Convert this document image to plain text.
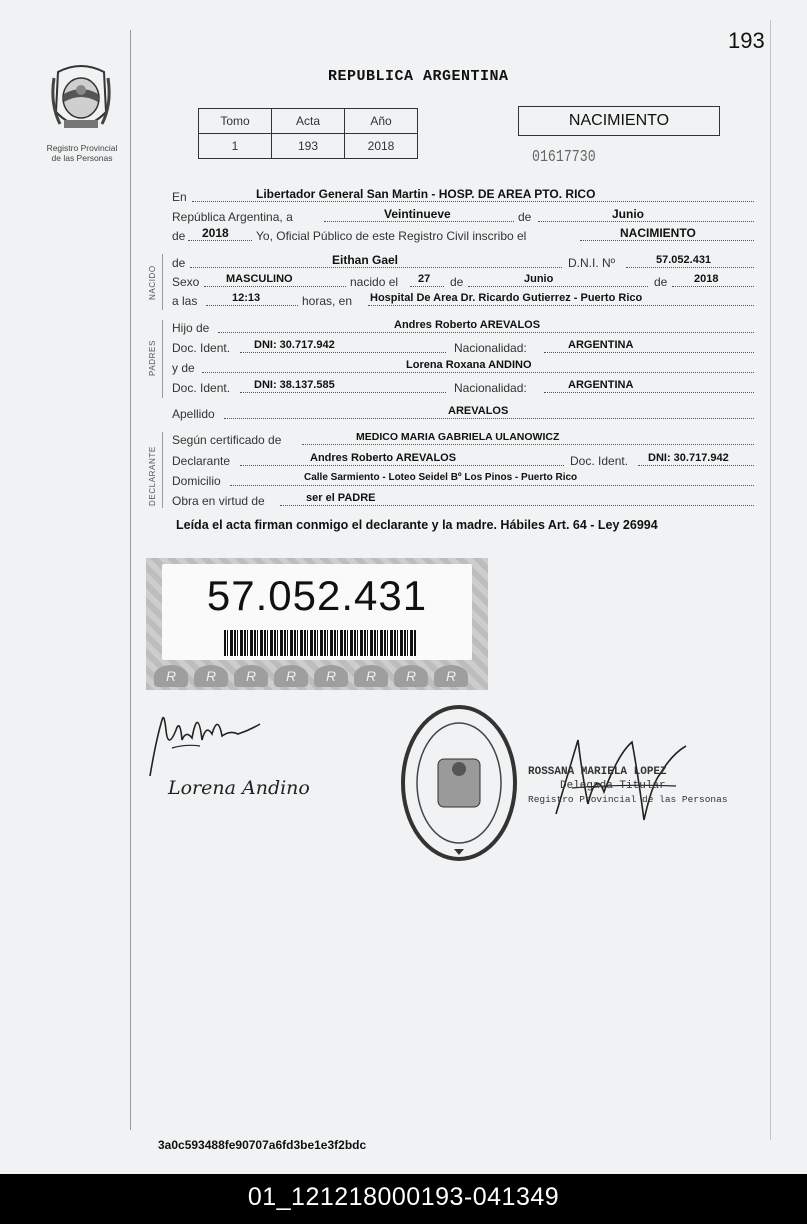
193
Registro Provincial
de las Personas
REPUBLICA ARGENTINA
Tomo	Acta	Año
1	193	2018
NACIMIENTO
01617730
En	Libertador General San Martin - HOSP. DE AREA PTO. RICO
República Argentina, a	Veintinueve	de	Junio
de 2018 Yo, Oficial Público de este Registro Civil inscribo el	NACIMIENTO
NACIDO
de	Eithan Gael	D.N.I. Nº	57.052.431
Sexo MASCULINO	nacido el 27 de	Junio	de 2018
a las	12:13	horas, en Hospital De Area Dr. Ricardo Gutierrez - Puerto Rico
PADRES
Hijo de	Andres Roberto AREVALOS
Doc. Ident. DNI: 30.717.942	Nacionalidad:	ARGENTINA
y de	Lorena Roxana ANDINO
Doc. Ident. DNI: 38.137.585	Nacionalidad:	ARGENTINA
Apellido	AREVALOS
DECLARANTE
Según certificado de	MEDICO MARIA GABRIELA ULANOWICZ
Declarante	Andres Roberto AREVALOS	Doc. Ident. DNI: 30.717.942
Domicilio	Calle Sarmiento - Loteo Seidel Bº Los Pinos - Puerto Rico
Obra en virtud de	ser el PADRE
Leída el acta firman conmigo el declarante y la madre. Hábiles Art. 64 - Ley 26994
57.052.431
R	R	R	R	R	R	R	R
Lorena Andino
ROSSANA MARIELA LOPEZ
Delegada Titular
Registro Provincial de las Personas
3a0c593488fe90707a6fd3be1e3f2bdc
01_121218000193-041349
